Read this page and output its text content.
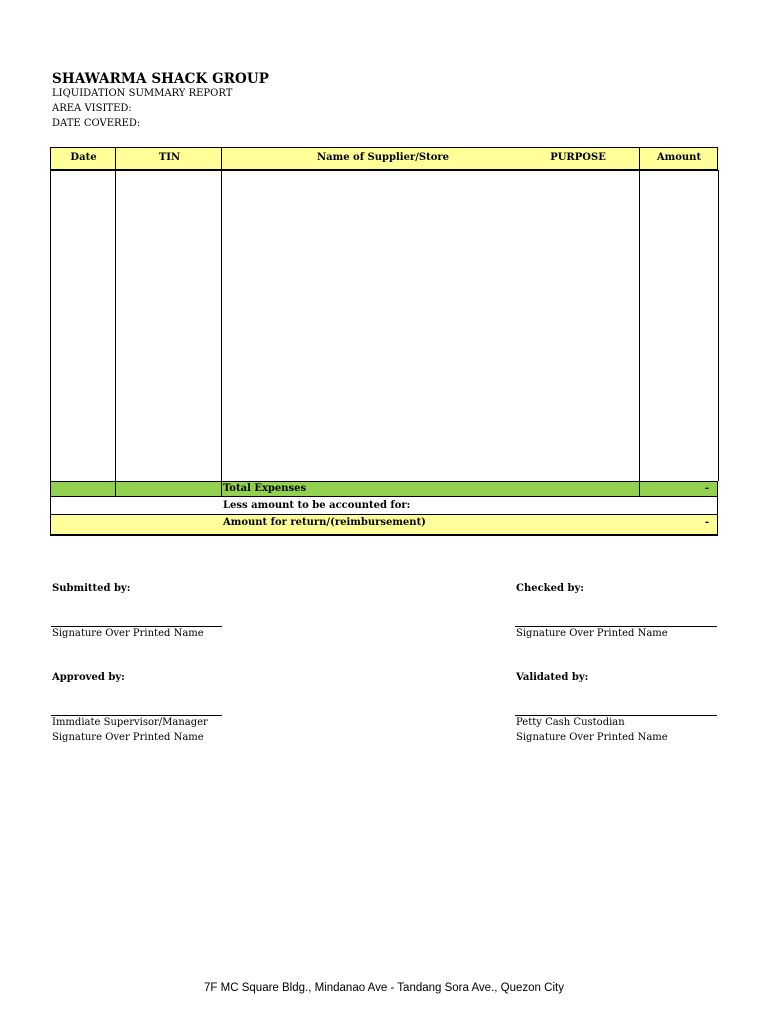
SHAWARMA SHACK GROUP
LIQUIDATION SUMMARY REPORT
AREA VISITED:
DATE COVERED:
Date	TIN	Name of Supplier/Store	PURPOSE	Amount
Total Expenses	-
Less amount to be accounted for:
Amount for return/(reimbursement)	-
Submitted by:	Checked by:
Signature Over Printed Name	Signature Over Printed Name
Approved by:	Validated by:
Immdiate Supervisor/Manager	Petty Cash Custodian
Signature Over Printed Name	Signature Over Printed Name
7F MC Square Bldg., Mindanao Ave - Tandang Sora Ave., Quezon City
